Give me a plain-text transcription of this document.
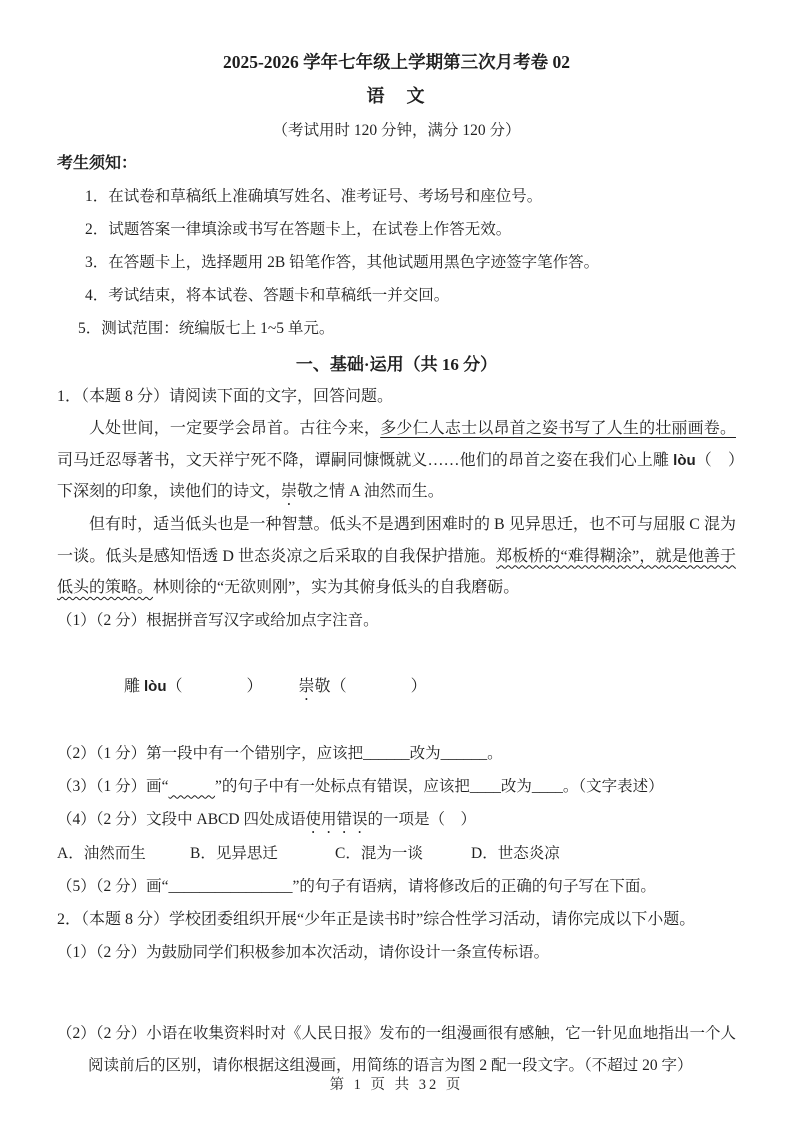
2025-2026 学年七年级上学期第三次月考卷 02
语　文
（考试用时 120 分钟，满分 120 分）
考生须知：
1．在试卷和草稿纸上准确填写姓名、准考证号、考场号和座位号。
2．试题答案一律填涂或书写在答题卡上，在试卷上作答无效。
3．在答题卡上，选择题用 2B 铅笔作答，其他试题用黑色字迹签字笔作答。
4．考试结束，将本试卷、答题卡和草稿纸一并交回。
5．测试范围：统编版七上 1~5 单元。
一、基础·运用（共 16 分）
1．（本题 8 分）请阅读下面的文字，回答问题。
人处世间，一定要学会昂首。古往今来，多少仁人志士以昂首之姿书写了人生的壮丽画卷。司马迁忍辱著书，文天祥宁死不降，谭嗣同慷慨就义……他们的昂首之姿在我们心上雕 lòu（　）下深刻的印象，读他们的诗文，崇敬之情 A 油然而生。
但有时，适当低头也是一种智慧。低头不是遇到困难时的 B 见异思迁，也不可与屈服 C 混为一谈。低头是感知悟透 D 世态炎凉之后采取的自我保护措施。郑板桥的“难得糊涂”，就是他善于低头的策略。林则徐的“无欲则刚”，实为其俯身低头的自我磨砺。
（1）（2 分）根据拼音写汉字或给加点字注音。

雕 lòu（　　　　） 崇敬（　　　　）

（2）（1 分）第一段中有一个错别字，应该把______改为______。
（3）（1 分）画“　　　	”的句子中有一处标点有错误，应该把____改为____。（文字表述）
（4）（2 分）文段中 ABCD 四处成语使用错误的一项是（　）
A．油然而生	B．见异思迁	C．混为一谈	D．世态炎凉
（5）（2 分）画“________________”的句子有语病，请将修改后的正确的句子写在下面。
2．（本题 8 分）学校团委组织开展“少年正是读书时”综合性学习活动，请你完成以下小题。
（1）（2 分）为鼓励同学们积极参加本次活动，请你设计一条宣传标语。
（2）（2 分）小语在收集资料时对《人民日报》发布的一组漫画很有感触，它一针见血地指出一个人阅读前后的区别，请你根据这组漫画，用简练的语言为图 2 配一段文字。（不超过 20 字）
第 1 页 共 32 页
